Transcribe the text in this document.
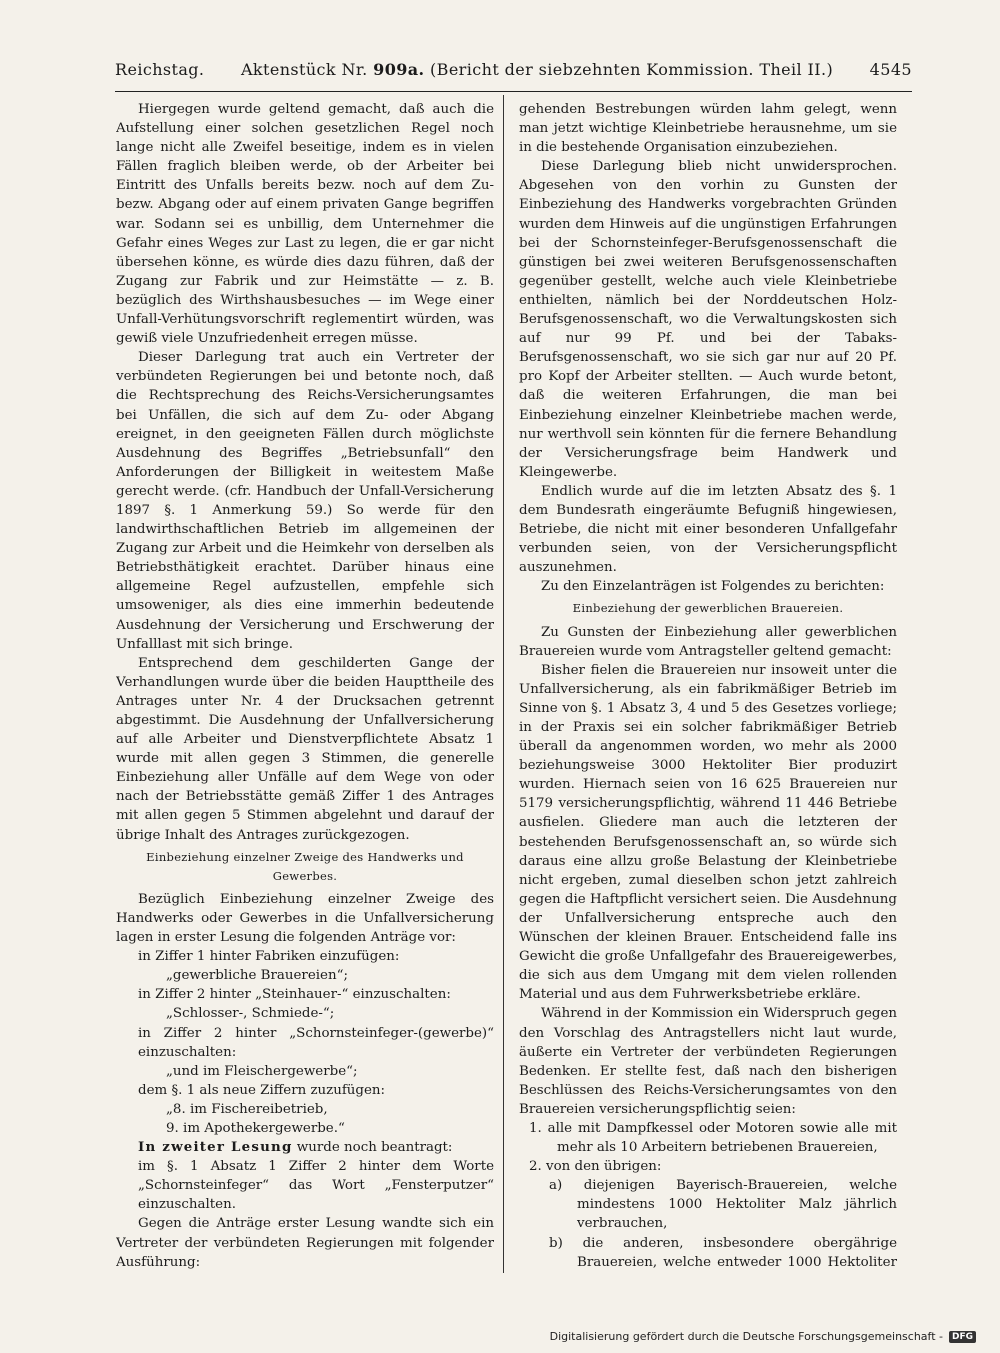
Reichstag.	Aktenstück Nr. 909a. (Bericht der siebzehnten Kommission. Theil II.)	4545

Hiergegen wurde geltend gemacht, daß auch die Aufstellung einer solchen gesetzlichen Regel noch lange nicht alle Zweifel beseitige, indem es in vielen Fällen fraglich bleiben werde, ob der Arbeiter bei Eintritt des Unfalls bereits bezw. noch auf dem Zu- bezw. Abgang oder auf einem privaten Gange begriffen war. Sodann sei es unbillig, dem Unternehmer die Gefahr eines Weges zur Last zu legen, die er gar nicht übersehen könne, es würde dies dazu führen, daß der Zugang zur Fabrik und zur Heimstätte — z. B. bezüglich des Wirthshausbesuches — im Wege einer Unfall-Verhütungsvorschrift reglementirt würden, was gewiß viele Unzufriedenheit erregen müsse.

Dieser Darlegung trat auch ein Vertreter der verbündeten Regierungen bei und betonte noch, daß die Rechtsprechung des Reichs-Versicherungsamtes bei Unfällen, die sich auf dem Zu- oder Abgang ereignet, in den geeigneten Fällen durch möglichste Ausdehnung des Begriffes „Betriebsunfall“ den Anforderungen der Billigkeit in weitestem Maße gerecht werde. (cfr. Handbuch der Unfall-Versicherung 1897 §. 1 Anmerkung 59.) So werde für den landwirthschaftlichen Betrieb im allgemeinen der Zugang zur Arbeit und die Heimkehr von derselben als Betriebsthätigkeit erachtet. Darüber hinaus eine allgemeine Regel aufzustellen, empfehle sich umsoweniger, als dies eine immerhin bedeutende Ausdehnung der Versicherung und Erschwerung der Unfalllast mit sich bringe.

Entsprechend dem geschilderten Gange der Verhandlungen wurde über die beiden Haupttheile des Antrages unter Nr. 4 der Drucksachen getrennt abgestimmt. Die Ausdehnung der Unfallversicherung auf alle Arbeiter und Dienstverpflichtete Absatz 1 wurde mit allen gegen 3 Stimmen, die generelle Einbeziehung aller Unfälle auf dem Wege von oder nach der Betriebsstätte gemäß Ziffer 1 des Antrages mit allen gegen 5 Stimmen abgelehnt und darauf der übrige Inhalt des Antrages zurückgezogen.

Einbeziehung einzelner Zweige des Handwerks und Gewerbes.

Bezüglich Einbeziehung einzelner Zweige des Handwerks oder Gewerbes in die Unfallversicherung lagen in erster Lesung die folgenden Anträge vor:

in Ziffer 1 hinter Fabriken einzufügen:

„gewerbliche Brauereien“;

in Ziffer 2 hinter „Steinhauer-“ einzuschalten:

„Schlosser-, Schmiede-“;

in Ziffer 2 hinter „Schornsteinfeger-(gewerbe)“ einzuschalten:

„und im Fleischergewerbe“;

dem §. 1 als neue Ziffern zuzufügen:

„8. im Fischereibetrieb,

9. im Apothekergewerbe.“

In zweiter Lesung wurde noch beantragt:

im §. 1 Absatz 1 Ziffer 2 hinter dem Worte „Schornsteinfeger“ das Wort „Fensterputzer“ einzuschalten.

Gegen die Anträge erster Lesung wandte sich ein Vertreter der verbündeten Regierungen mit folgender Ausführung:

gehenden Bestrebungen würden lahm gelegt, wenn man jetzt wichtige Kleinbetriebe herausnehme, um sie in die bestehende Organisation einzubeziehen.

Diese Darlegung blieb nicht unwidersprochen. Abgesehen von den vorhin zu Gunsten der Einbeziehung des Handwerks vorgebrachten Gründen wurden dem Hinweis auf die ungünstigen Erfahrungen bei der Schornsteinfeger-Berufsgenossenschaft die günstigen bei zwei weiteren Berufsgenossenschaften gegenüber gestellt, welche auch viele Kleinbetriebe enthielten, nämlich bei der Norddeutschen Holz-Berufsgenossenschaft, wo die Verwaltungskosten sich auf nur 99 Pf. und bei der Tabaks-Berufsgenossenschaft, wo sie sich gar nur auf 20 Pf. pro Kopf der Arbeiter stellten. — Auch wurde betont, daß die weiteren Erfahrungen, die man bei Einbeziehung einzelner Kleinbetriebe machen werde, nur werthvoll sein könnten für die fernere Behandlung der Versicherungsfrage beim Handwerk und Kleingewerbe.

Endlich wurde auf die im letzten Absatz des §. 1 dem Bundesrath eingeräumte Befugniß hingewiesen, Betriebe, die nicht mit einer besonderen Unfallgefahr verbunden seien, von der Versicherungspflicht auszunehmen.

Zu den Einzelanträgen ist Folgendes zu berichten:

Einbeziehung der gewerblichen Brauereien.

Zu Gunsten der Einbeziehung aller gewerblichen Brauereien wurde vom Antragsteller geltend gemacht:

Bisher fielen die Brauereien nur insoweit unter die Unfallversicherung, als ein fabrikmäßiger Betrieb im Sinne von §. 1 Absatz 3, 4 und 5 des Gesetzes vorliege; in der Praxis sei ein solcher fabrikmäßiger Betrieb überall da angenommen worden, wo mehr als 2000 beziehungsweise 3000 Hektoliter Bier produzirt wurden. Hiernach seien von 16 625 Brauereien nur 5179 versicherungspflichtig, während 11 446 Betriebe ausfielen. Gliedere man auch die letzteren der bestehenden Berufsgenossenschaft an, so würde sich daraus eine allzu große Belastung der Kleinbetriebe nicht ergeben, zumal dieselben schon jetzt zahlreich gegen die Haftpflicht versichert seien. Die Ausdehnung der Unfallversicherung entspreche auch den Wünschen der kleinen Brauer. Entscheidend falle ins Gewicht die große Unfallgefahr des Brauereigewerbes, die sich aus dem Umgang mit dem vielen rollenden Material und aus dem Fuhrwerksbetriebe erkläre.

Während in der Kommission ein Widerspruch gegen den Vorschlag des Antragstellers nicht laut wurde, äußerte ein Vertreter der verbündeten Regierungen Bedenken. Er stellte fest, daß nach den bisherigen Beschlüssen des Reichs-Versicherungsamtes von den Brauereien versicherungspflichtig seien:

1. alle mit Dampfkessel oder Motoren sowie alle mit mehr als 10 Arbeitern betriebenen Brauereien,

2. von den übrigen:

a) diejenigen Bayerisch-Brauereien, welche mindestens 1000 Hektoliter Malz jährlich verbrauchen,

b) die anderen, insbesondere obergährige Brauereien, welche entweder 1000 Hektoliter

Digitalisierung gefördert durch die Deutsche Forschungsgemeinschaft -	DFG
